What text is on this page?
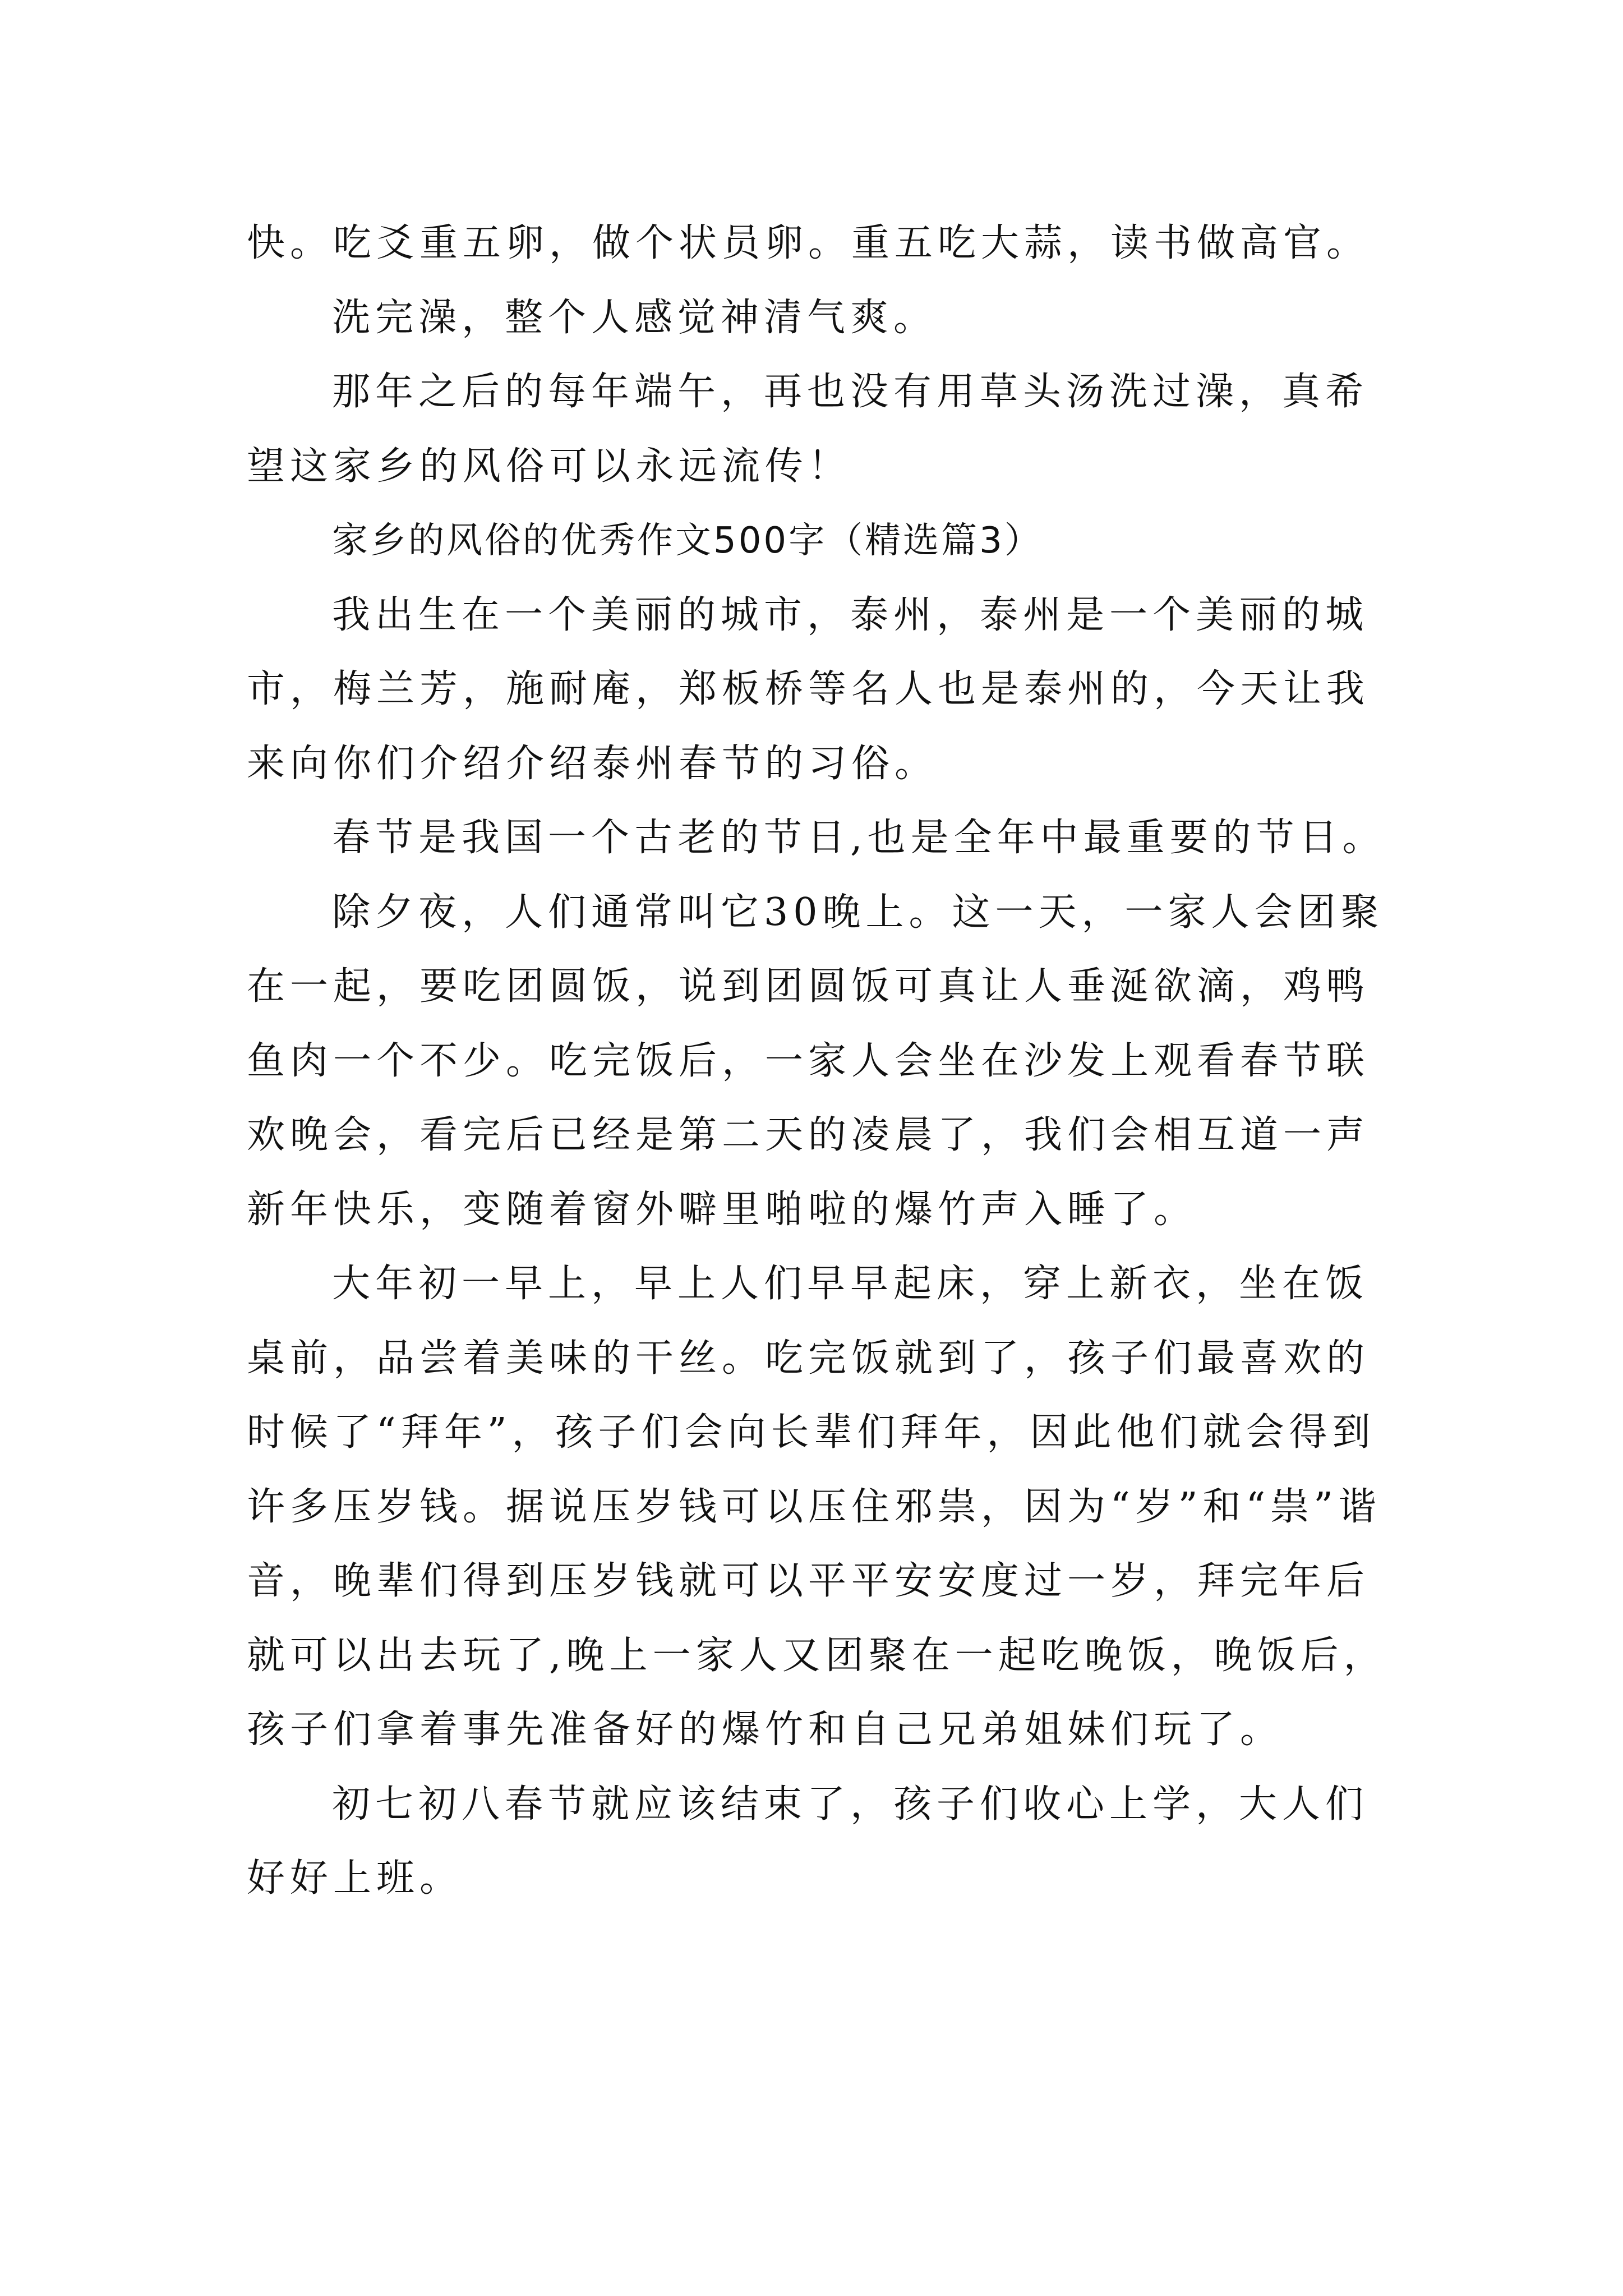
快。吃爻重五卵，做个状员卵。重五吃大蒜，读书做高官。

洗完澡，整个人感觉神清气爽。

那年之后的每年端午，再也没有用草头汤洗过澡，真希望这家乡的风俗可以永远流传！

家乡的风俗的优秀作文500字（精选篇3）

我出生在一个美丽的城市，泰州，泰州是一个美丽的城市，梅兰芳，施耐庵，郑板桥等名人也是泰州的，今天让我来向你们介绍介绍泰州春节的习俗。

春节是我国一个古老的节日,也是全年中最重要的节日。

除夕夜，人们通常叫它30晚上。这一天，一家人会团聚在一起，要吃团圆饭，说到团圆饭可真让人垂涎欲滴，鸡鸭鱼肉一个不少。吃完饭后，一家人会坐在沙发上观看春节联欢晚会，看完后已经是第二天的凌晨了，我们会相互道一声新年快乐，变随着窗外噼里啪啦的爆竹声入睡了。

大年初一早上，早上人们早早起床，穿上新衣，坐在饭桌前，品尝着美味的干丝。吃完饭就到了，孩子们最喜欢的时候了“拜年”，孩子们会向长辈们拜年，因此他们就会得到许多压岁钱。据说压岁钱可以压住邪祟，因为“岁”和“祟”谐音，晚辈们得到压岁钱就可以平平安安度过一岁，拜完年后就可以出去玩了,晚上一家人又团聚在一起吃晚饭，晚饭后，孩子们拿着事先准备好的爆竹和自己兄弟姐妹们玩了。

初七初八春节就应该结束了，孩子们收心上学，大人们好好上班。
